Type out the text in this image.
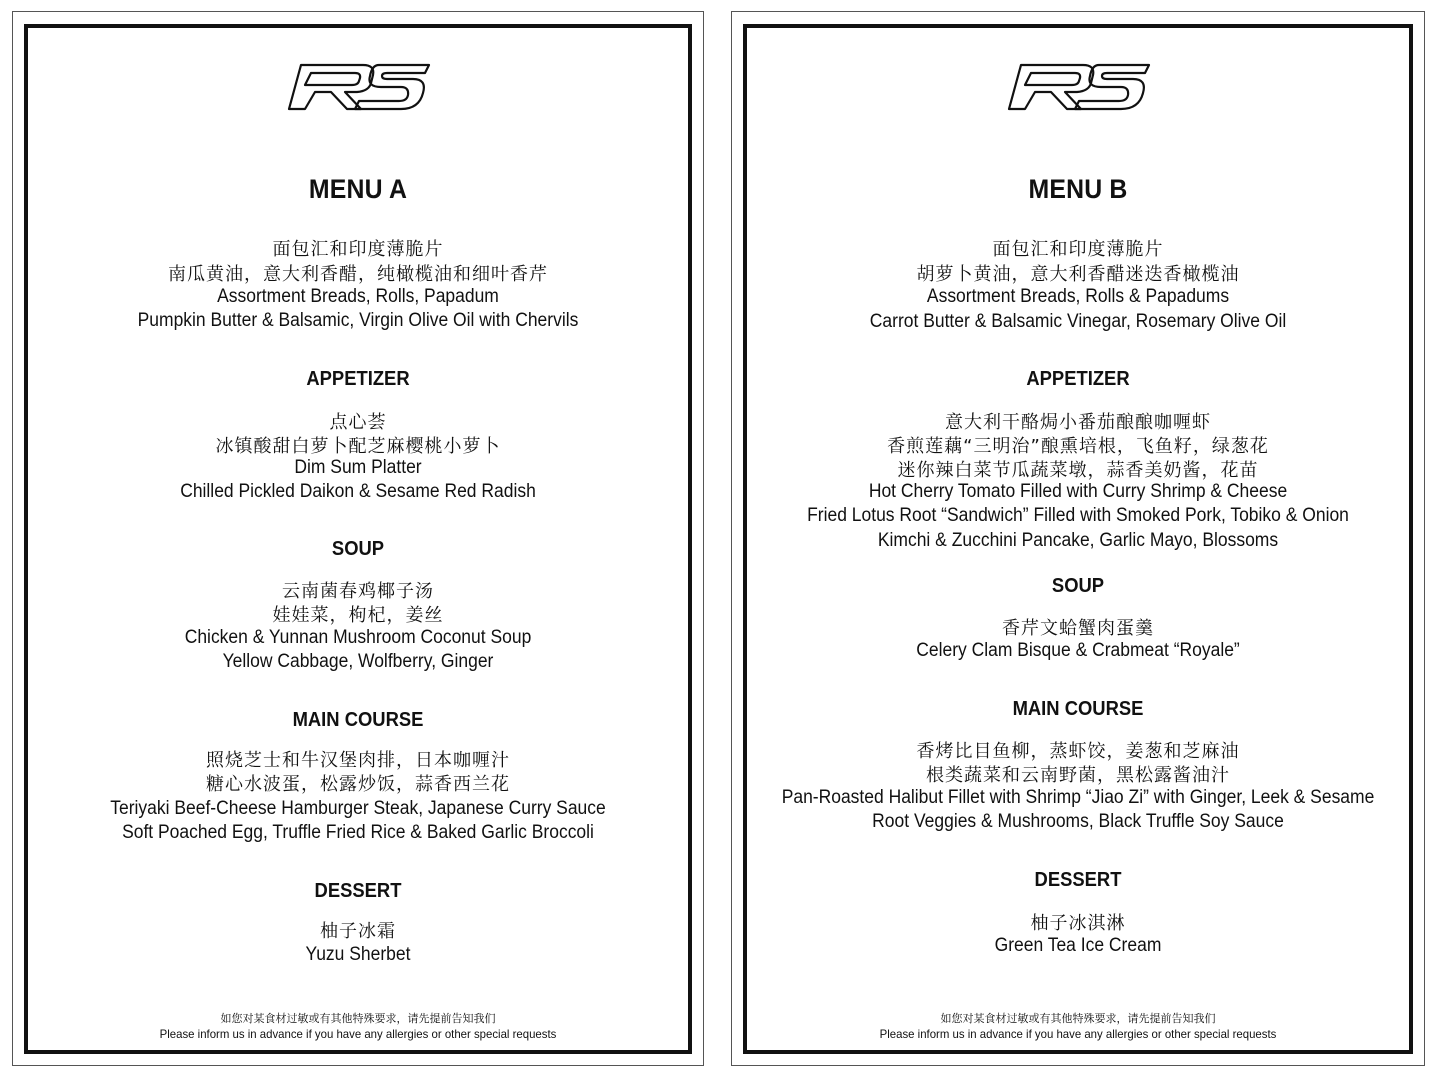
MENU A
面包汇和印度薄脆片
南瓜黄油，意大利香醋，纯橄榄油和细叶香芹
Assortment Breads, Rolls, Papadum
Pumpkin Butter & Balsamic, Virgin Olive Oil with Chervils
APPETIZER
点心荟
冰镇酸甜白萝卜配芝麻樱桃小萝卜
Dim Sum Platter
Chilled Pickled Daikon & Sesame Red Radish
SOUP
云南菌春鸡椰子汤
娃娃菜，枸杞，姜丝
Chicken & Yunnan Mushroom Coconut Soup
Yellow Cabbage, Wolfberry, Ginger
MAIN COURSE
照烧芝士和牛汉堡肉排，日本咖喱汁
糖心水波蛋，松露炒饭，蒜香西兰花
Teriyaki Beef-Cheese Hamburger Steak, Japanese Curry Sauce
Soft Poached Egg, Truffle Fried Rice & Baked Garlic Broccoli
DESSERT
柚子冰霜
Yuzu Sherbet
如您对某食材过敏或有其他特殊要求，请先提前告知我们
Please inform us in advance if you have any allergies or other special requests
MENU B
面包汇和印度薄脆片
胡萝卜黄油，意大利香醋迷迭香橄榄油
Assortment Breads, Rolls & Papadums
Carrot Butter & Balsamic Vinegar, Rosemary Olive Oil
APPETIZER
意大利干酪焗小番茄酿酿咖喱虾
香煎莲藕“三明治”酿熏培根，飞鱼籽，绿葱花
迷你辣白菜节瓜蔬菜墩，蒜香美奶酱，花苗
Hot Cherry Tomato Filled with Curry Shrimp & Cheese
Fried Lotus Root “Sandwich” Filled with Smoked Pork, Tobiko & Onion
Kimchi & Zucchini Pancake, Garlic Mayo, Blossoms
SOUP
香芹文蛤蟹肉蛋羹
Celery Clam Bisque & Crabmeat “Royale”
MAIN COURSE
香烤比目鱼柳，蒸虾饺，姜葱和芝麻油
根类蔬菜和云南野菌，黑松露酱油汁
Pan-Roasted Halibut Fillet with Shrimp “Jiao Zi” with Ginger, Leek & Sesame
Root Veggies & Mushrooms, Black Truffle Soy Sauce
DESSERT
柚子冰淇淋
Green Tea Ice Cream
如您对某食材过敏或有其他特殊要求，请先提前告知我们
Please inform us in advance if you have any allergies or other special requests
